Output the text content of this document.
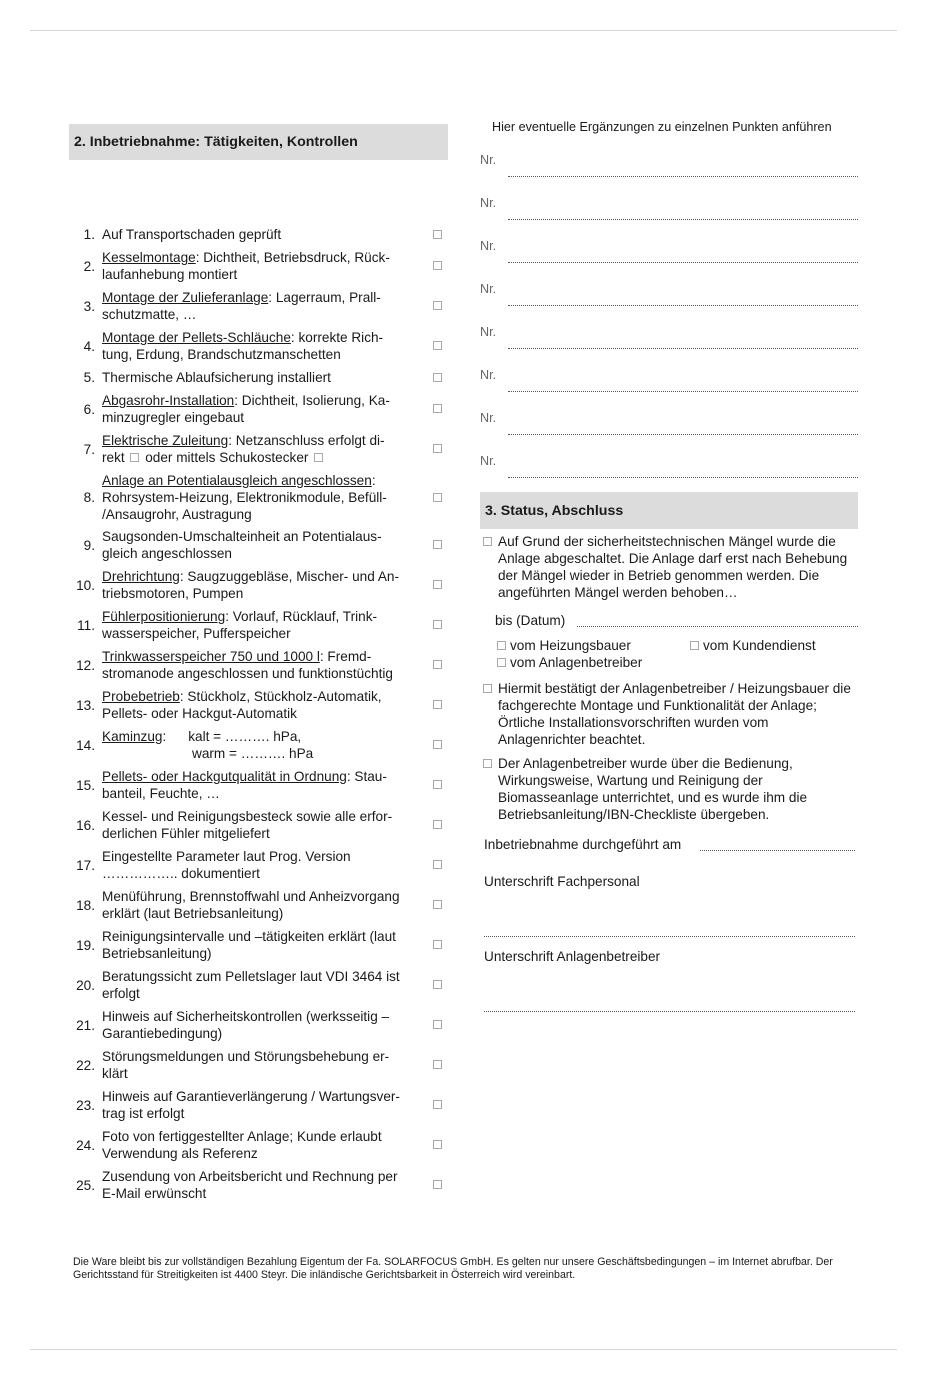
2. Inbetriebnahme: Tätigkeiten, Kontrollen
1. Auf Transportschaden geprüft
2.
Kesselmontage: Dichtheit, Betriebsdruck, Rück-
laufanhebung montiert
3.
Montage der Zulieferanlage: Lagerraum, Prall-
schutzmatte, …
4.
Montage der Pellets-Schläuche: korrekte Rich-
tung, Erdung, Brandschutzmanschetten
5. Thermische Ablaufsicherung installiert
6.
Abgasrohr-Installation: Dichtheit, Isolierung, Ka-
minzugregler eingebaut
7.
Elektrische Zuleitung: Netzanschluss erfolgt di-
rekt  oder mittels Schukostecker
8.
Anlage an Potentialausgleich angeschlossen:
Rohrsystem-Heizung, Elektronikmodule, Befüll-
/Ansaugrohr, Austragung
9.
Saugsonden-Umschalteinheit an Potentialaus-
gleich angeschlossen
10.
Drehrichtung: Saugzuggebläse, Mischer- und An-
triebsmotoren, Pumpen
11.
Fühlerpositionierung: Vorlauf, Rücklauf, Trink-
wasserspeicher, Pufferspeicher
12.
Trinkwasserspeicher 750 und 1000 l: Fremd-
stromanode angeschlossen und funktionstüchtig
13.
Probebetrieb: Stückholz, Stückholz-Automatik,
Pellets- oder Hackgut-Automatik
14.
Kaminzug: kalt = ………. hPa,
warm = ………. hPa
15.
Pellets- oder Hackgutqualität in Ordnung: Stau-
banteil, Feuchte, …
16.
Kessel- und Reinigungsbesteck sowie alle erfor-
derlichen Fühler mitgeliefert
17.
Eingestellte Parameter laut Prog. Version
…………….. dokumentiert
18.
Menüführung, Brennstoffwahl und Anheizvorgang
erklärt (laut Betriebsanleitung)
19.
Reinigungsintervalle und –tätigkeiten erklärt (laut
Betriebsanleitung)
20.
Beratungssicht zum Pelletslager laut VDI 3464 ist
erfolgt
21.
Hinweis auf Sicherheitskontrollen (werksseitig –
Garantiebedingung)
22.
Störungsmeldungen und Störungsbehebung er-
klärt
23.
Hinweis auf Garantieverlängerung / Wartungsver-
trag ist erfolgt
24.
Foto von fertiggestellter Anlage; Kunde erlaubt
Verwendung als Referenz
25.
Zusendung von Arbeitsbericht und Rechnung per
E-Mail erwünscht
Hier eventuelle Ergänzungen zu einzelnen Punkten anführen
Nr.
Nr.
Nr.
Nr.
Nr.
Nr.
Nr.
Nr.
3. Status, Abschluss
Auf Grund der sicherheitstechnischen Mängel wurde die Anlage abgeschaltet. Die Anlage darf erst nach Behebung der Mängel wieder in Betrieb genommen werden. Die angeführten Mängel werden behoben…
bis (Datum)
vom Heizungsbauer	vom Kundendienst
vom Anlagenbetreiber
Hiermit bestätigt der Anlagenbetreiber / Heizungsbauer die fachgerechte Montage und Funktionalität der Anlage; Örtliche Installationsvorschriften wurden vom Anlagenrichter beachtet.
Der Anlagenbetreiber wurde über die Bedienung, Wirkungsweise, Wartung und Reinigung der Biomasseanlage unterrichtet, und es wurde ihm die Betriebsanleitung/IBN-Checkliste übergeben.
Inbetriebnahme durchgeführt am
Unterschrift Fachpersonal
Unterschrift Anlagenbetreiber
Die Ware bleibt bis zur vollständigen Bezahlung Eigentum der Fa. SOLARFOCUS GmbH. Es gelten nur unsere Geschäftsbedingungen – im Internet abrufbar. Der Gerichtsstand für Streitigkeiten ist 4400 Steyr. Die inländische Gerichtsbarkeit in Österreich wird vereinbart.
